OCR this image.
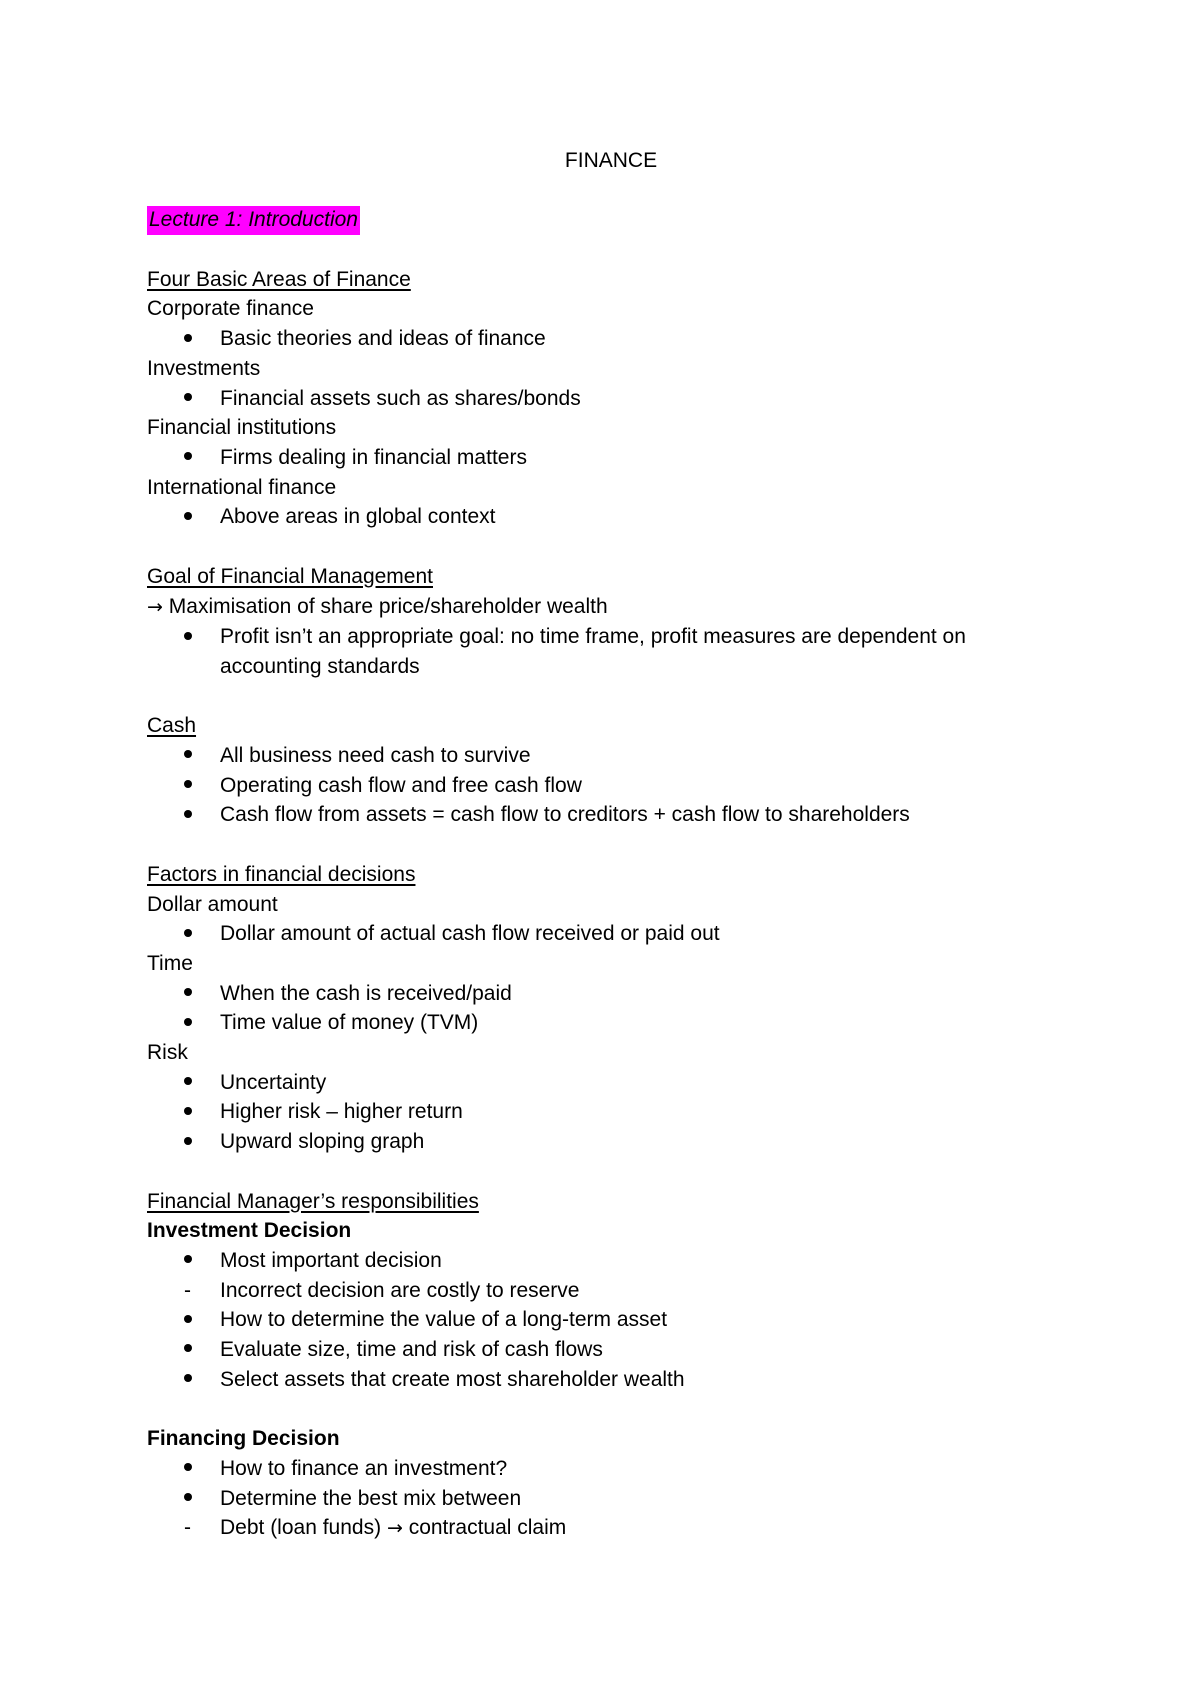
FINANCE
Lecture 1: Introduction
Four Basic Areas of Finance
Corporate finance
Basic theories and ideas of finance
Investments
Financial assets such as shares/bonds
Financial institutions
Firms dealing in financial matters
International finance
Above areas in global context
Goal of Financial Management
→ Maximisation of share price/shareholder wealth
Profit isn’t an appropriate goal: no time frame, profit measures are dependent on
accounting standards
Cash
All business need cash to survive
Operating cash flow and free cash flow
Cash flow from assets = cash flow to creditors + cash flow to shareholders
Factors in financial decisions
Dollar amount
Dollar amount of actual cash flow received or paid out
Time
When the cash is received/paid
Time value of money (TVM)
Risk
Uncertainty
Higher risk – higher return
Upward sloping graph
Financial Manager’s responsibilities
Investment Decision
Most important decision
-	Incorrect decision are costly to reserve
How to determine the value of a long-term asset
Evaluate size, time and risk of cash flows
Select assets that create most shareholder wealth
Financing Decision
How to finance an investment?
Determine the best mix between
-	Debt (loan funds) → contractual claim
